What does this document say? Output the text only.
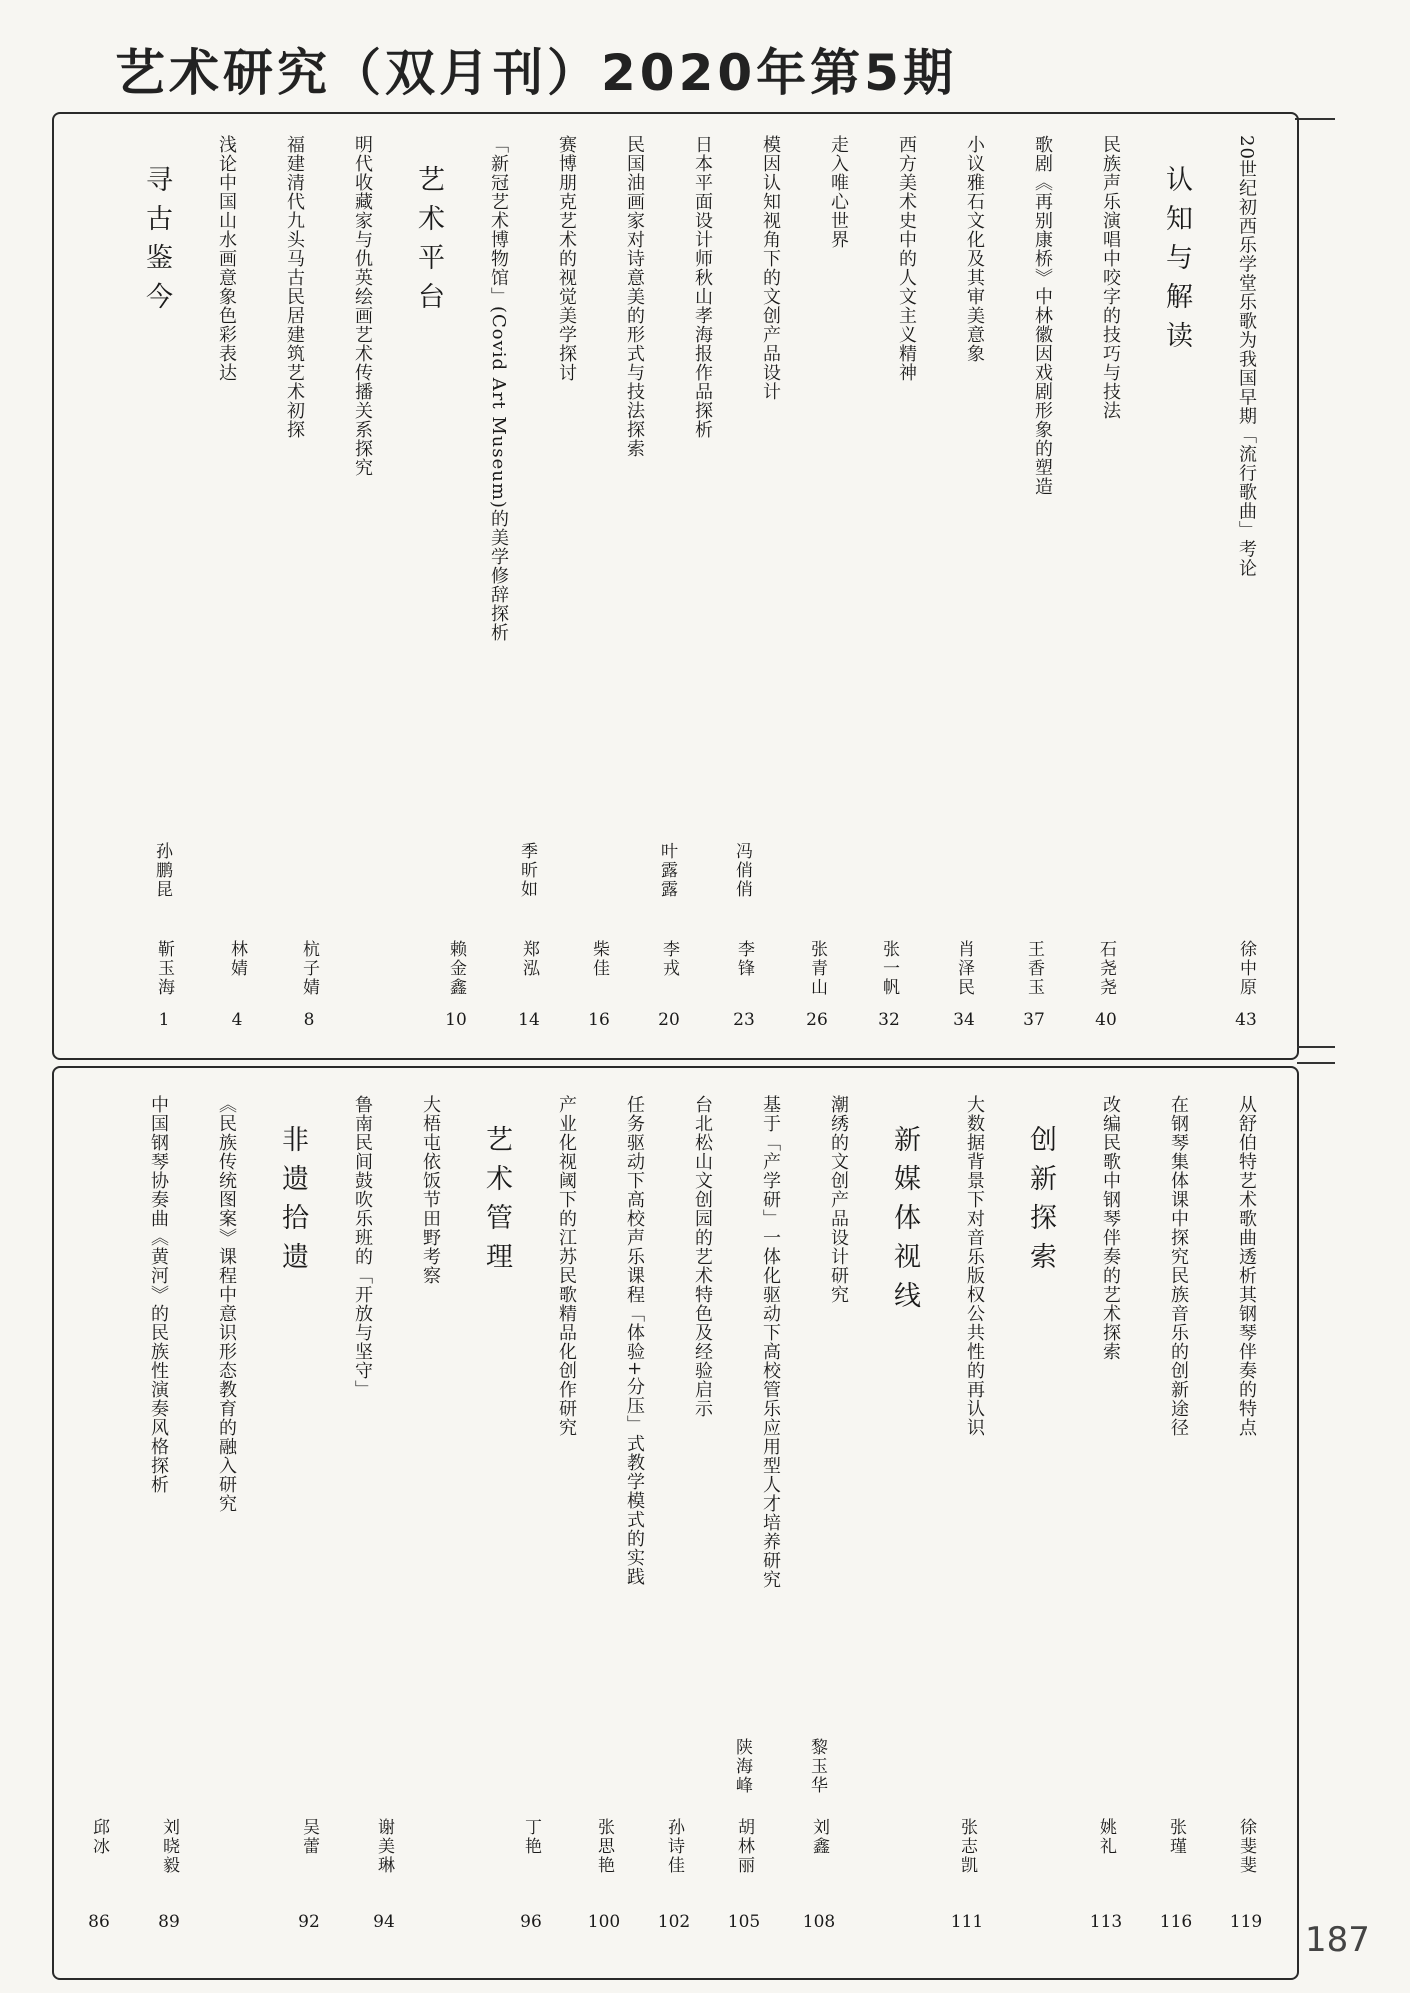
艺术研究（双月刊）2020年第5期
187
20世纪初西乐学堂乐歌为我国早期「流行歌曲」考论
认知与解读
民族声乐演唱中咬字的技巧与技法
歌剧《再别康桥》中林徽因戏剧形象的塑造
小议雅石文化及其审美意象
西方美术史中的人文主义精神
走入唯心世界
模因认知视角下的文创产品设计
日本平面设计师秋山孝海报作品探析
民国油画家对诗意美的形式与技法探索
赛博朋克艺术的视觉美学探讨
「新冠艺术博物馆」(Covid Art Museum)的美学修辞探析
艺术平台
明代收藏家与仇英绘画艺术传播关系探究
福建清代九头马古民居建筑艺术初探
浅论中国山水画意象色彩表达
寻古鉴今
徐中原
43
石尧尧
40
王香玉
37
肖泽民
34
张一帆
32
张青山
26
冯俏俏
李锋
23
叶露露
李戎
20
柴佳
16
季昕如
郑泓
14
赖金鑫
10
杭子婧
8
林婧
4
孙鹏昆
靳玉海
1
从舒伯特艺术歌曲透析其钢琴伴奏的特点
在钢琴集体课中探究民族音乐的创新途径
改编民歌中钢琴伴奏的艺术探索
创新探索
大数据背景下对音乐版权公共性的再认识
新媒体视线
潮绣的文创产品设计研究
基于「产学研」一体化驱动下高校管乐应用型人才培养研究
台北松山文创园的艺术特色及经验启示
任务驱动下高校声乐课程「体验+分压」式教学模式的实践
产业化视阈下的江苏民歌精品化创作研究
艺术管理
大梧屯依饭节田野考察
鲁南民间鼓吹乐班的「开放与坚守」
非遗拾遗
《民族传统图案》课程中意识形态教育的融入研究
中国钢琴协奏曲《黄河》的民族性演奏风格探析
徐斐斐
119
张瑾
116
姚礼
113
张志凯
111
黎玉华
刘鑫
108
陕海峰
胡林丽
105
孙诗佳
102
张思艳
100
丁艳
96
谢美琳
94
吴蕾
92
刘晓毅
89
邱冰
86
